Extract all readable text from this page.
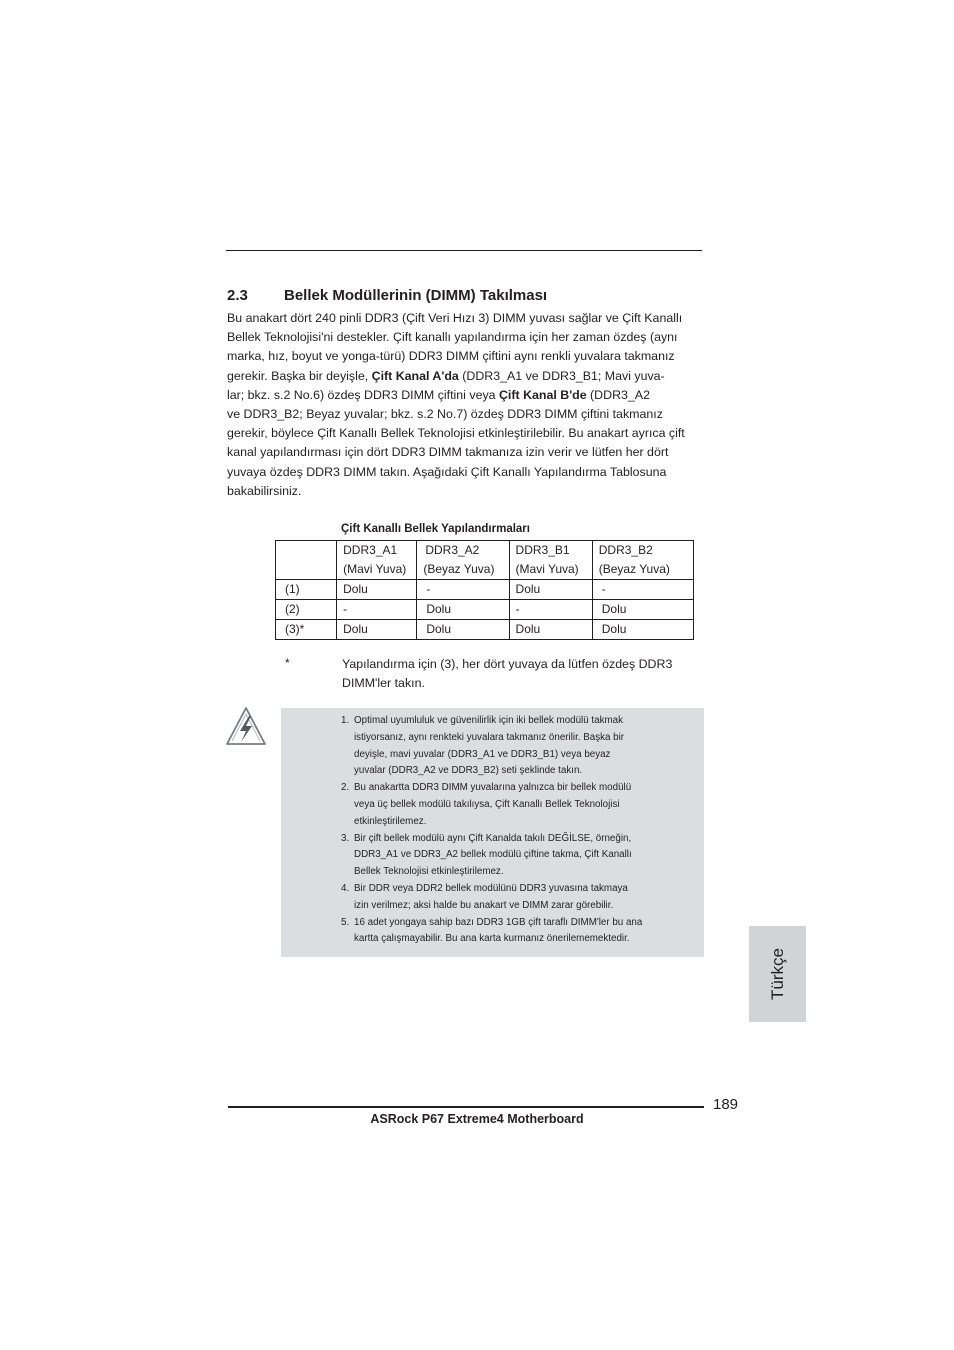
2.3 Bellek Modüllerinin (DIMM) Takılması

Bu anakart dört 240 pinli DDR3 (Çift Veri Hızı 3) DIMM yuvası sağlar ve Çift Kanallı

Bellek Teknolojisi'ni destekler. Çift kanallı yapılandırma için her zaman özdeş (aynı

marka, hız, boyut ve yonga-türü) DDR3 DIMM çiftini aynı renkli yuvalara takmanız

gerekir. Başka bir deyişle, Çift Kanal A'da (DDR3_A1 ve DDR3_B1; Mavi yuva-

lar; bkz. s.2 No.6) özdeş DDR3 DIMM çiftini veya Çift Kanal B'de (DDR3_A2

ve DDR3_B2; Beyaz yuvalar; bkz. s.2 No.7) özdeş DDR3 DIMM çiftini takmanız

gerekir, böylece Çift Kanallı Bellek Teknolojisi etkinleştirilebilir. Bu anakart ayrıca çift

kanal yapılandırması için dört DDR3 DIMM takmanıza izin verir ve lütfen her dört

yuvaya özdeş DDR3 DIMM takın. Aşağıdaki Çift Kanallı Yapılandırma Tablosuna

bakabilirsiniz.

Çift Kanallı Bellek Yapılandırmaları

	DDR3_A1
(Mavi Yuva)	DDR3_A2
(Beyaz Yuva)	DDR3_B1
(Mavi Yuva)	DDR3_B2
(Beyaz Yuva)

(1)	Dolu	-	Dolu	-
(2)	-	Dolu	-	Dolu
(3)*	Dolu	Dolu	Dolu	Dolu
*	Yapılandırma için (3), her dört yuvaya da lütfen özdeş DDR3

DIMM'ler takın.

1. Optimal uyumluluk ve güvenilirlik için iki bellek modülü takmak
istiyorsanız, aynı renkteki yuvalara takmanız önerilir. Başka bir
deyişle, mavi yuvalar (DDR3_A1 ve DDR3_B1) veya beyaz
yuvalar (DDR3_A2 ve DDR3_B2) seti şeklinde takın.
2. Bu anakartta DDR3 DIMM yuvalarına yalnızca bir bellek modülü
veya üç bellek modülü takılıysa, Çift Kanallı Bellek Teknolojisi
etkinleştirilemez.
3. Bir çift bellek modülü aynı Çift Kanalda takılı DEĞİLSE, örneğin,
DDR3_A1 ve DDR3_A2 bellek modülü çiftine takma, Çift Kanallı
Bellek Teknolojisi etkinleştirilemez.
4. Bir DDR veya DDR2 bellek modülünü DDR3 yuvasına takmaya
izin verilmez; aksi halde bu anakart ve DIMM zarar görebilir.
5. 16 adet yongaya sahip bazı DDR3 1GB çift taraflı DIMM'ler bu ana
kartta çalışmayabilir. Bu ana karta kurmanız önerilememektedir.
Türkçe
189
ASRock P67 Extreme4 Motherboard
